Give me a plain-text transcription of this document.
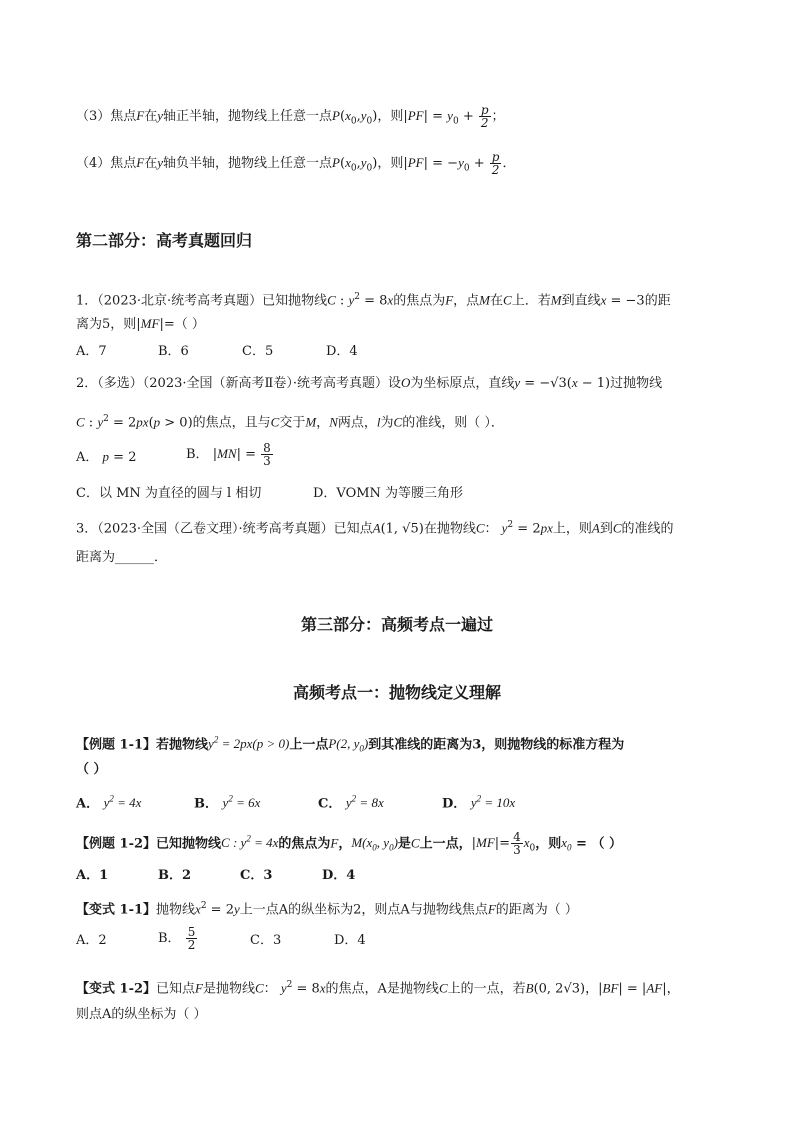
（3）焦点F在y轴正半轴，抛物线上任意一点$P(x_0,y_0)$，则$|PF| = y_0 + \frac{p}{2}$ ；
（4）焦点F在y轴负半轴，抛物线上任意一点$P(x_0,y_0)$，则$|PF| = -y_0 + \frac{p}{2}$ ．
第二部分：高考真题回归
1．（2023·北京·统考高考真题）已知抛物线C : $y^2 = 8x$的焦点为F，点M在C上．若M到直线x = −3的距
离为5，则|MF|=（ ）
A．7	B．6	C．5	D．4
2．（多选）（2023·全国（新高考Ⅱ卷）·统考高考真题）设O为坐标原点，直线y = −√3(x − 1)过抛物线
C : $y^2 = 2px(p > 0)$的焦点，且与C交于M，N两点，l为C的准线，则（ ）．
A． p = 2	B． $|MN| = \frac{8}{3}$
C．以 MN 为直径的圆与 l 相切	D．VOMN 为等腰三角形
3．（2023·全国（乙卷文理）·统考高考真题）已知点A(1, √5)在抛物线C： $y^2 = 2px$上，则A到C的准线的
距离为______．
第三部分：高频考点一遍过
高频考点一：抛物线定义理解
【例题 1-1】若抛物线$y^2 = 2px(p > 0)$上一点P(2, $y_0$)到其准线的距离为3，则抛物线的标准方程为
（ ）
A． $y^2 = 4x$	B． $y^2 = 6x$	C． $y^2 = 8x$	D． $y^2 = 10x$
【例题 1-2】已知抛物线C : $y^2 = 4x$的焦点为F，$M(x_0$, $y_0$)是C上一点，$|MF|= \frac{4}{3} x_0$，则$x_0$ = （ ）
A．1	B．2	C．3	D．4
【变式 1-1】抛物线$x^2 = 2y$上一点A的纵坐标为2，则点A与抛物线焦点F的距离为（ ）
A．2	B． $\frac{5}{2}$	C．3	D．4
【变式 1-2】已知点F是抛物线C： $y^2 = 8x$的焦点，A是抛物线C上的一点，若B(0, 2√3)，|BF| = |AF|，
则点A的纵坐标为（ ）
